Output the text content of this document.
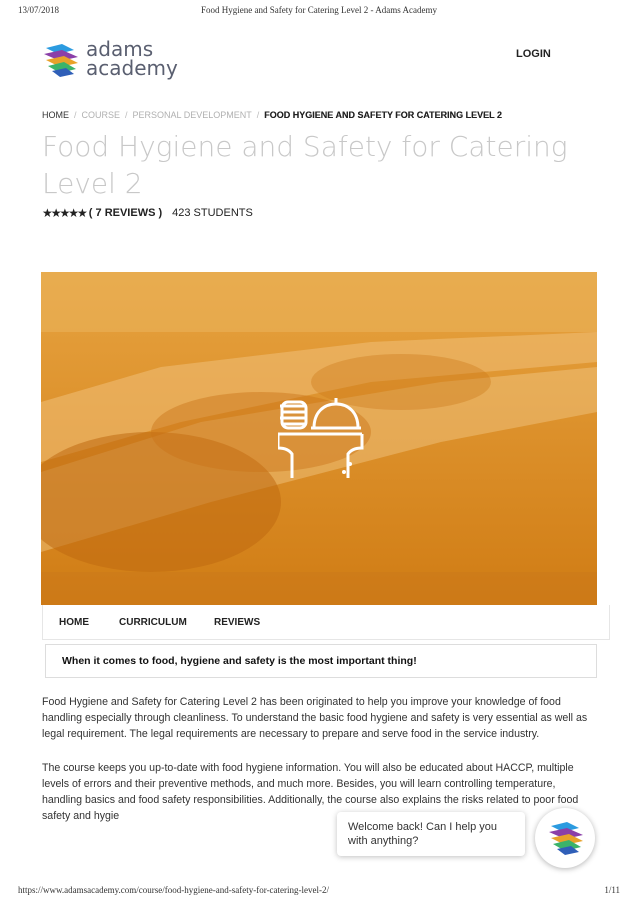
13/07/2018	Food Hygiene and Safety for Catering Level 2 - Adams Academy
adams
academy
LOGIN
HOME / COURSE / PERSONAL DEVELOPMENT / FOOD HYGIENE AND SAFETY FOR CATERING LEVEL 2
Food Hygiene and Safety for Catering Level 2
★★★★★ ( 7 REVIEWS ) 423 STUDENTS
HOME	CURRICULUM	REVIEWS
When it comes to food, hygiene and safety is the most important thing!

Food Hygiene and Safety for Catering Level 2 has been originated to help you improve your knowledge of food handling especially through cleanliness. To understand the basic food hygiene and safety is very essential as well as legal requirement. The legal requirements are necessary to prepare and serve food in the service industry.

The course keeps you up-to-date with food hygiene information. You will also be educated about HACCP, multiple levels of errors and their preventive methods, and much more. Besides, you will learn controlling temperature, handling basics and food safety responsibilities. Additionally, the course also explains the risks related to poor food safety and hygie

Welcome back! Can I help you with anything?
https://www.adamsacademy.com/course/food-hygiene-and-safety-for-catering-level-2/	1/11
